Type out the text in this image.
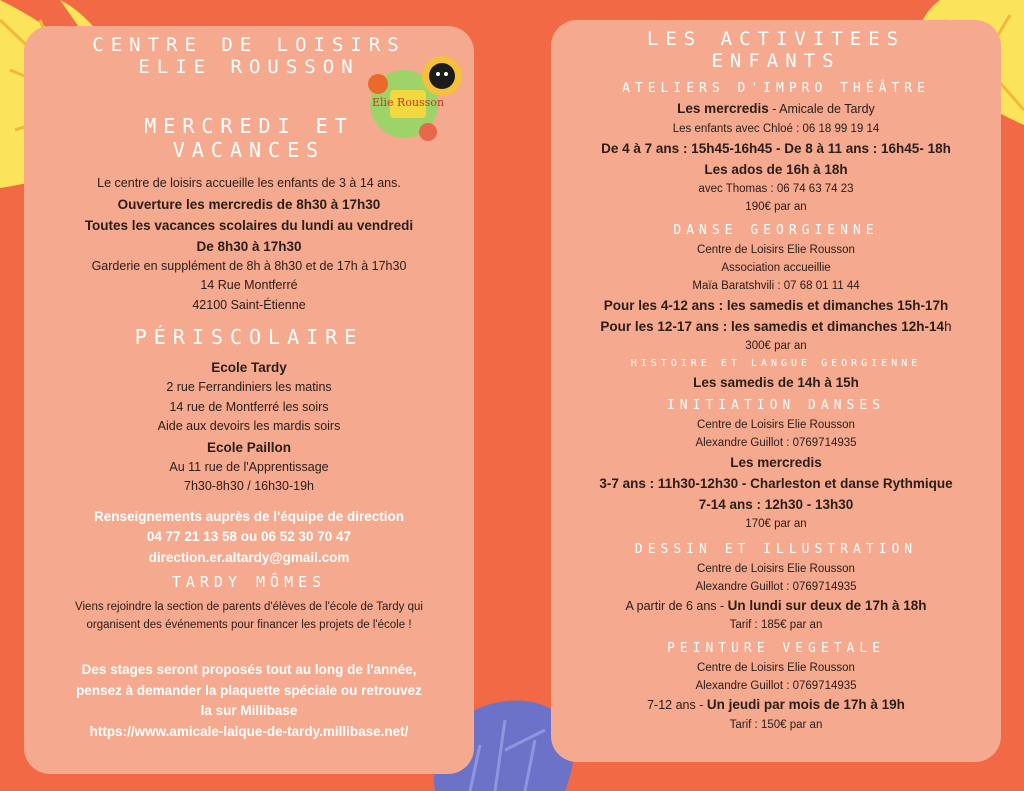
CENTRE DE LOISIRS

ELIE ROUSSON

Elie Rousson

MERCREDI ET

VACANCES

Le centre de loisirs accueille les enfants de 3 à 14 ans.

Ouverture les mercredis de 8h30 à 17h30

Toutes les vacances scolaires du lundi au vendredi

De 8h30 à 17h30

Garderie en supplément de 8h à 8h30 et de 17h à 17h30

14 Rue Montferré

42100 Saint-Étienne

PÉRISCOLAIRE

Ecole Tardy

2 rue Ferrandiniers les matins

14 rue de Montferré les soirs

Aide aux devoirs les mardis soirs

Ecole Paillon

Au 11 rue de l'Apprentissage

7h30-8h30 / 16h30-19h

Renseignements auprès de l'équipe de direction

04 77 21 13 58 ou 06 52 30 70 47

direction.er.altardy@gmail.com

TARDY MÔMES

Viens rejoindre la section de parents d'élèves de l'école de Tardy qui

organisent des événements pour financer les projets de l'école !

Des stages seront proposés tout au long de l'année,

pensez à demander la plaquette spéciale ou retrouvez

la sur Millibase

https://www.amicale-laique-de-tardy.millibase.net/

LES ACTIVITEES

ENFANTS

ATELIERS D'IMPRO THÉÂTRE

Les mercredis - Amicale de Tardy

Les enfants avec Chloé : 06 18 99 19 14

De 4 à 7 ans : 15h45-16h45 - De 8 à 11 ans : 16h45- 18h

Les ados de 16h à 18h

avec Thomas : 06 74 63 74 23

190€ par an

DANSE GEORGIENNE

Centre de Loisirs Elie Rousson

Association accueillie

Maïa Baratshvili : 07 68 01 11 44

Pour les 4-12 ans : les samedis et dimanches 15h-17h

Pour les 12-17 ans : les samedis et dimanches 12h-14h

300€ par an

HISTOIRE ET LANGUE GEORGIENNE

Les samedis de 14h à 15h

INITIATION DANSES

Centre de Loisirs Elie Rousson

Alexandre Guillot : 0769714935

Les mercredis

3-7 ans : 11h30-12h30 - Charleston et danse Rythmique

7-14 ans : 12h30 - 13h30

170€ par an

DESSIN ET ILLUSTRATION

Centre de Loisirs Elie Rousson

Alexandre Guillot : 0769714935

A partir de 6 ans - Un lundi sur deux de 17h à 18h

Tarif : 185€ par an

PEINTURE VEGETALE

Centre de Loisirs Elie Rousson

Alexandre Guillot : 0769714935

7-12 ans - Un jeudi par mois de 17h à 19h

Tarif : 150€ par an
